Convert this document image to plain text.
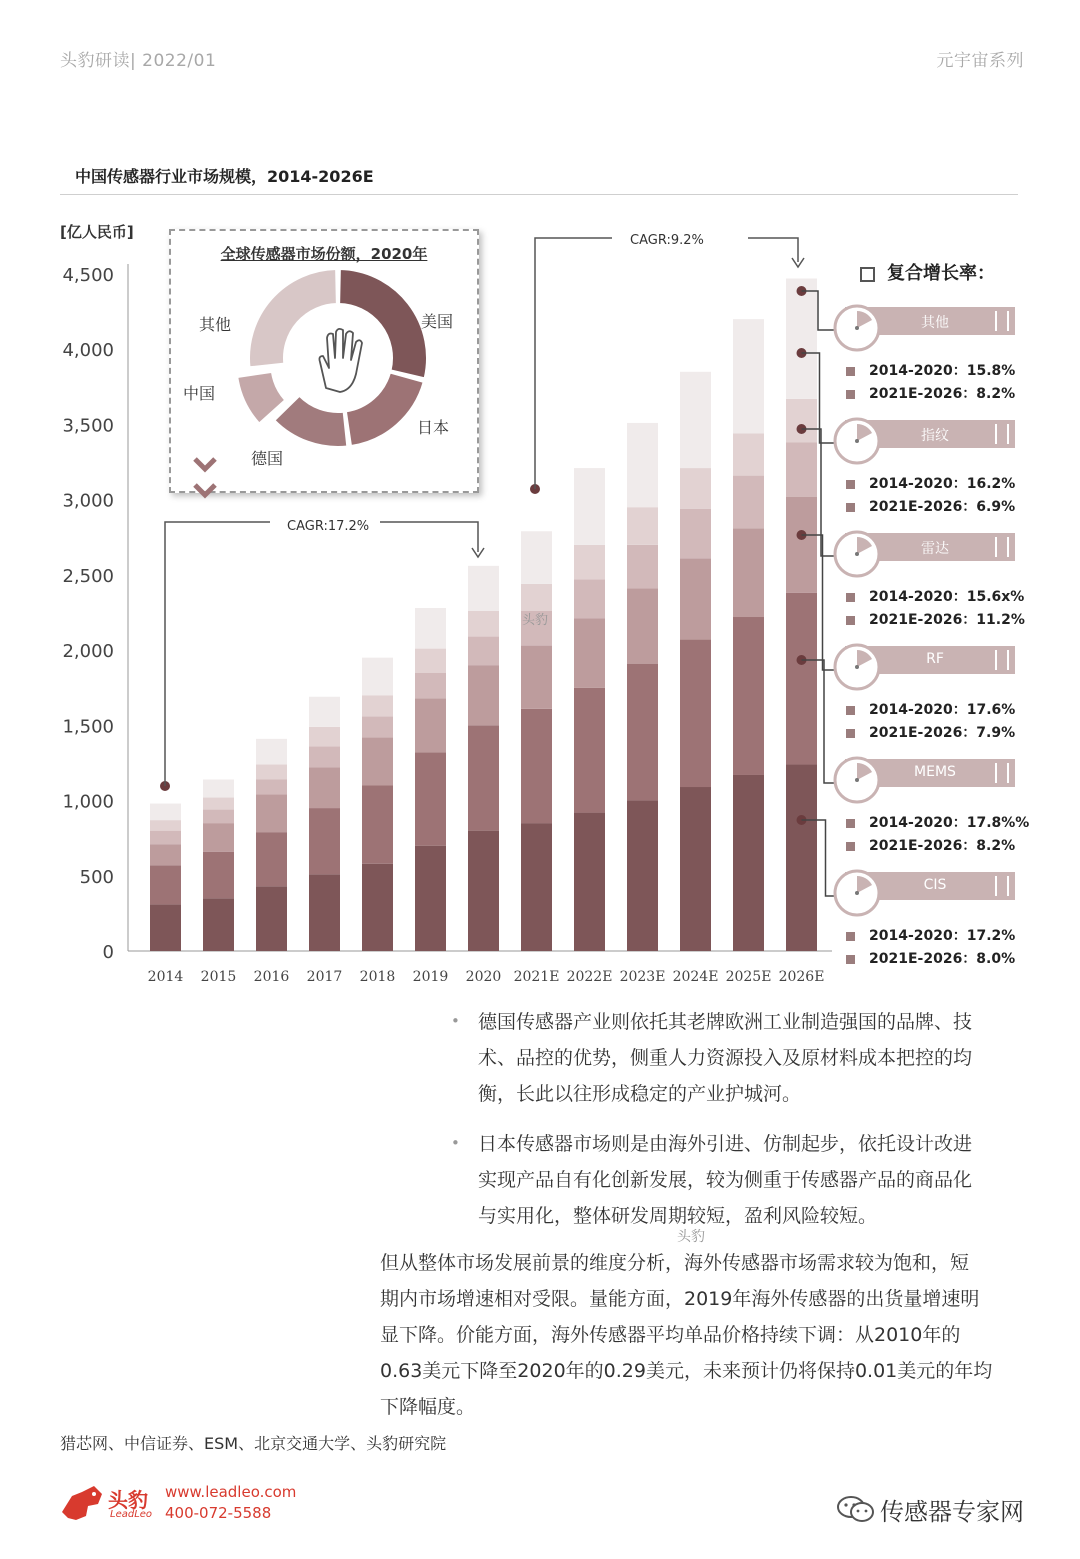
头豹研读| 2022/01	元宇宙系列
中国传感器行业市场规模，2014-2026E
[亿人民币]
0
500
1,000
1,500
2,000
2,500
3,000
3,500
4,000
4,500
2014 2015 2016 2017 2018 2019 2020 2021E 2022E 2023E 2024E 2025E 2026E
头豹
CAGR:17.2%
CAGR:9.2%
全球传感器市场份额，2020年
美国
日本
德国
中国
其他
复合增长率：
其他
2014-2020：15.8%
2021E-2026：8.2%
指纹
2014-2020：16.2%
2021E-2026：6.9%
雷达
2014-2020：15.6x%
2021E-2026：11.2%
RF
2014-2020：17.6%
2021E-2026：7.9%
MEMS
2014-2020：17.8%%
2021E-2026：8.2%
CIS
2014-2020：17.2%
2021E-2026：8.0%
• 德国传感器产业则依托其老牌欧洲工业制造强国的品牌、技
术、品控的优势，侧重人力资源投入及原材料成本把控的均
衡，长此以往形成稳定的产业护城河。
• 日本传感器市场则是由海外引进、仿制起步，依托设计改进
实现产品自有化创新发展，较为侧重于传感器产品的商品化
与实用化，整体研发周期较短，盈利风险较短。
头豹
但从整体市场发展前景的维度分析，海外传感器市场需求较为饱和，短
期内市场增速相对受限。量能方面，2019年海外传感器的出货量增速明
显下降。价能方面，海外传感器平均单品价格持续下调：从2010年的
0.63美元下降至2020年的0.29美元，未来预计仍将保持0.01美元的年均
下降幅度。
猎芯网、中信证券、ESM、北京交通大学、头豹研究院
头豹
LeadLeo
www.leadleo.com
400-072-5588	传感器专家网
